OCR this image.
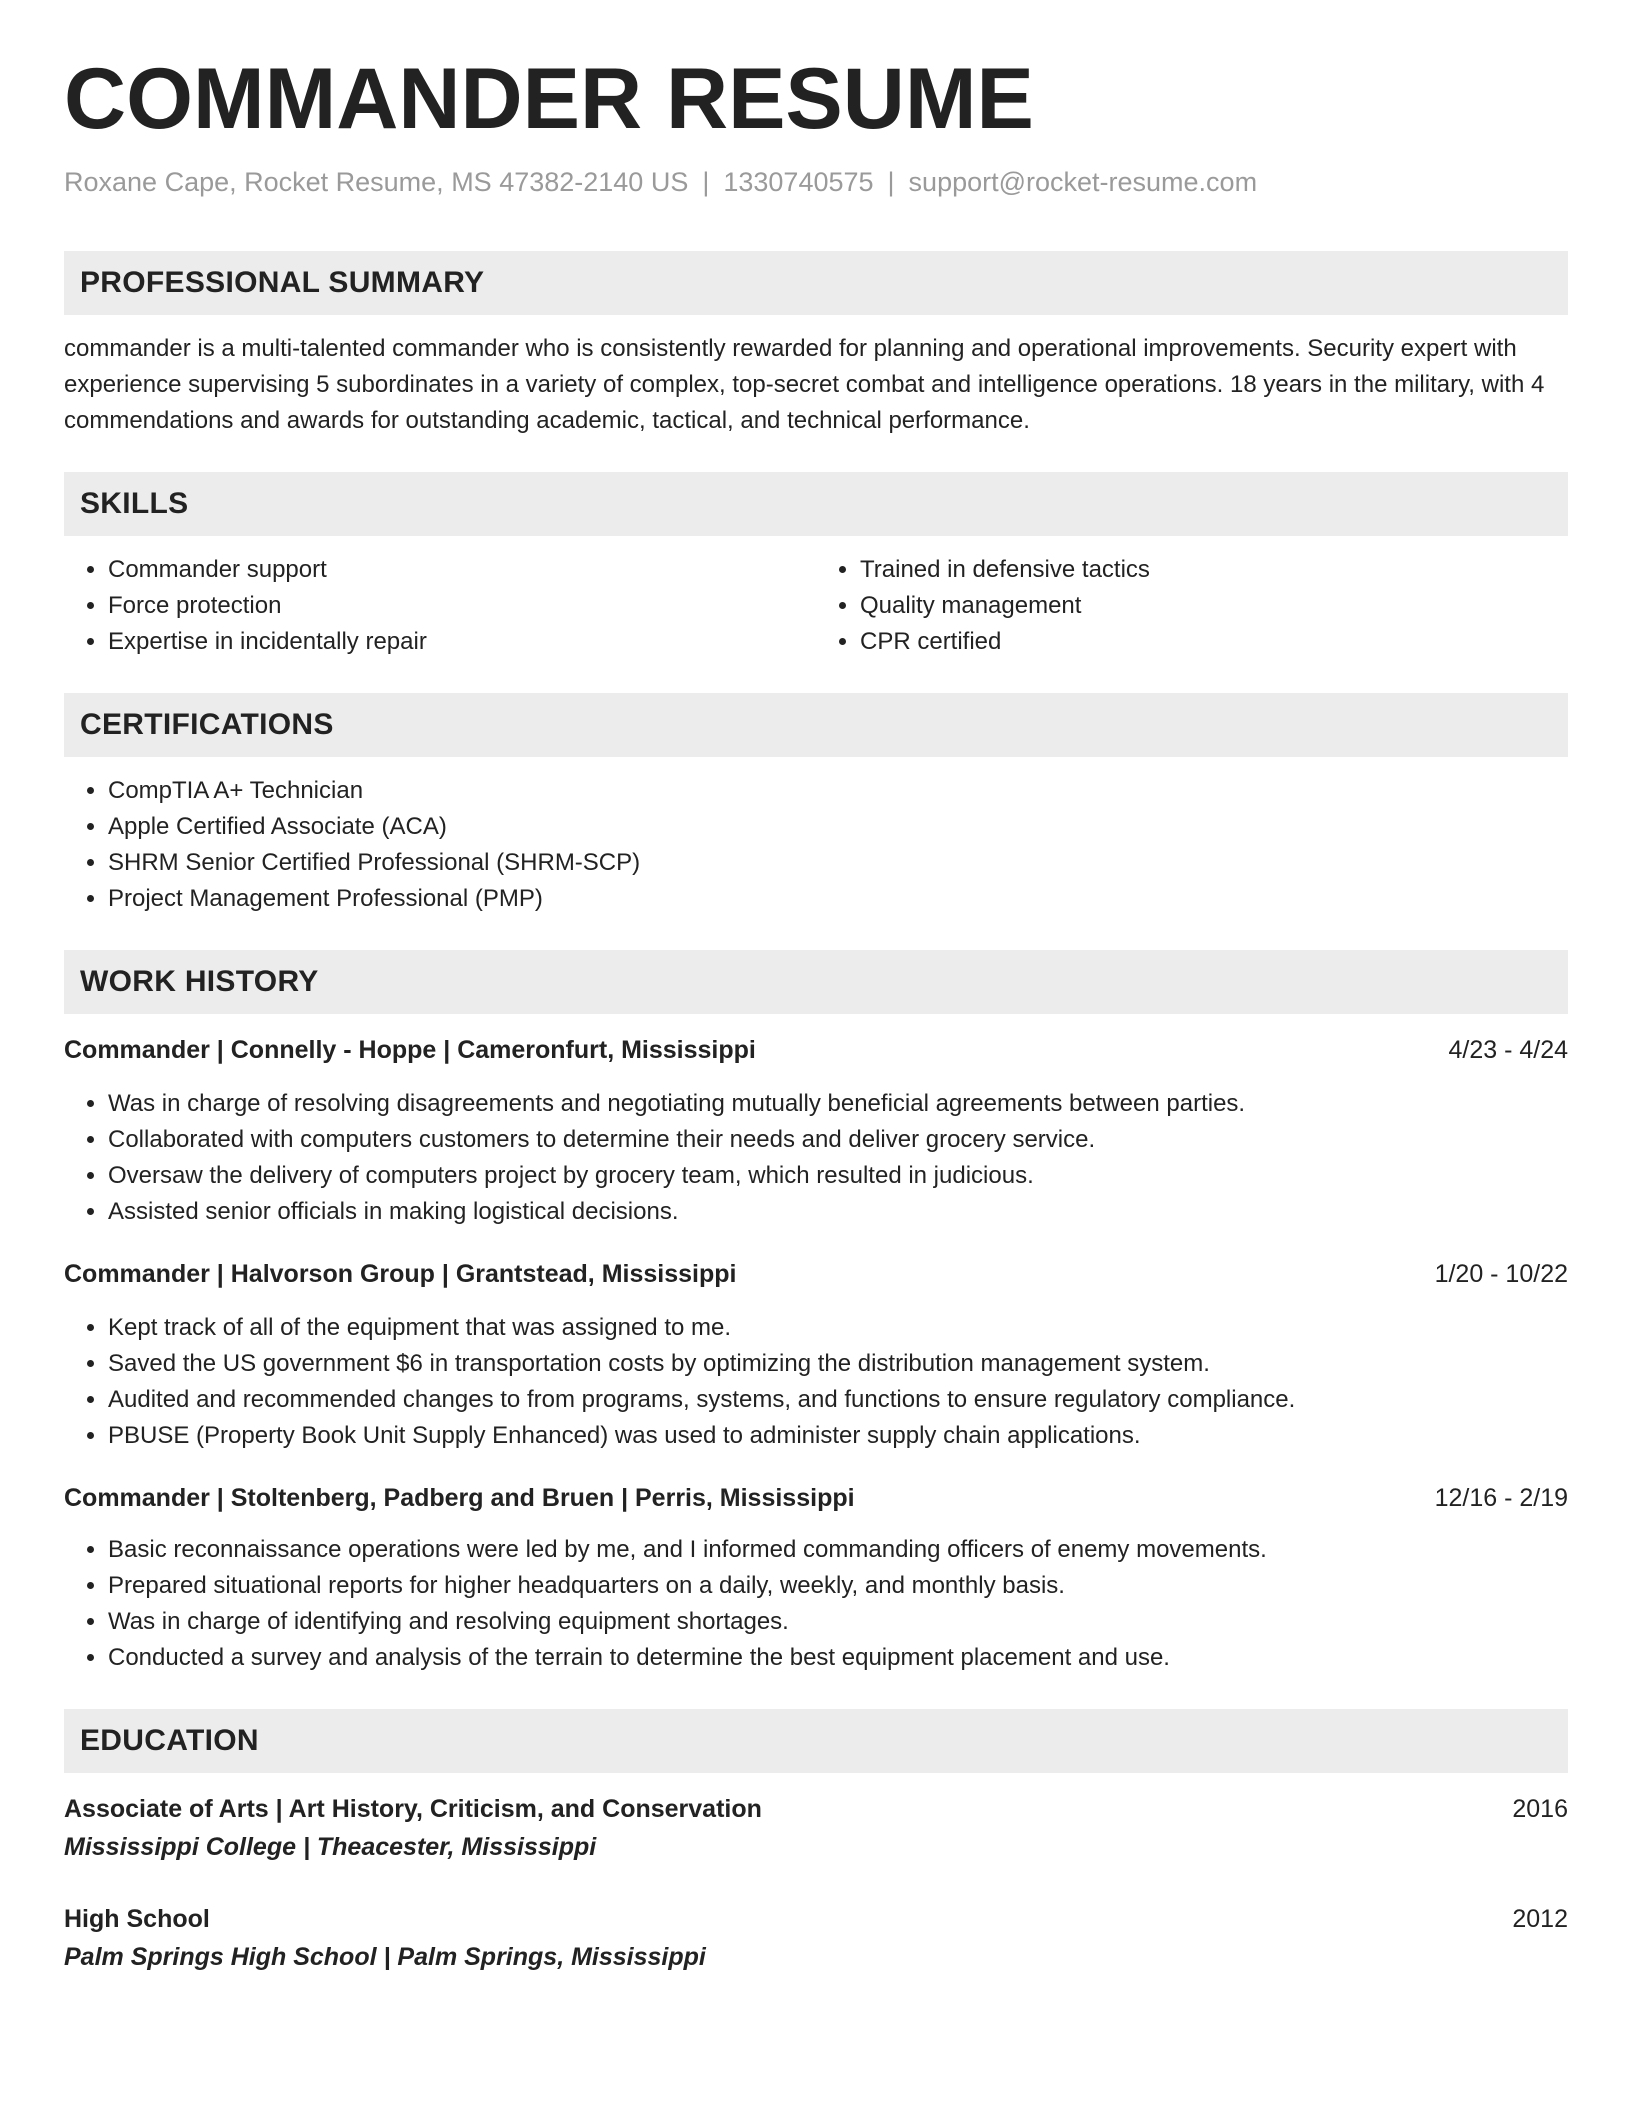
COMMANDER RESUME
Roxane Cape, Rocket Resume, MS 47382-2140 US | 1330740575 | support@rocket-resume.com
PROFESSIONAL SUMMARY
commander is a multi-talented commander who is consistently rewarded for planning and operational improvements. Security expert with experience supervising 5 subordinates in a variety of complex, top-secret combat and intelligence operations. 18 years in the military, with 4 commendations and awards for outstanding academic, tactical, and technical performance.
SKILLS
• Commander support
• Force protection
• Expertise in incidentally repair
• Trained in defensive tactics
• Quality management
• CPR certified
CERTIFICATIONS
• CompTIA A+ Technician
• Apple Certified Associate (ACA)
• SHRM Senior Certified Professional (SHRM-SCP)
• Project Management Professional (PMP)
WORK HISTORY
Commander | Connelly - Hoppe | Cameronfurt, Mississippi	4/23 - 4/24
• Was in charge of resolving disagreements and negotiating mutually beneficial agreements between parties.
• Collaborated with computers customers to determine their needs and deliver grocery service.
• Oversaw the delivery of computers project by grocery team, which resulted in judicious.
• Assisted senior officials in making logistical decisions.
Commander | Halvorson Group | Grantstead, Mississippi	1/20 - 10/22
• Kept track of all of the equipment that was assigned to me.
• Saved the US government $6 in transportation costs by optimizing the distribution management system.
• Audited and recommended changes to from programs, systems, and functions to ensure regulatory compliance.
• PBUSE (Property Book Unit Supply Enhanced) was used to administer supply chain applications.
Commander | Stoltenberg, Padberg and Bruen | Perris, Mississippi	12/16 - 2/19
• Basic reconnaissance operations were led by me, and I informed commanding officers of enemy movements.
• Prepared situational reports for higher headquarters on a daily, weekly, and monthly basis.
• Was in charge of identifying and resolving equipment shortages.
• Conducted a survey and analysis of the terrain to determine the best equipment placement and use.
EDUCATION
Associate of Arts | Art History, Criticism, and Conservation	2016
Mississippi College | Theacester, Mississippi
High School	2012
Palm Springs High School | Palm Springs, Mississippi
